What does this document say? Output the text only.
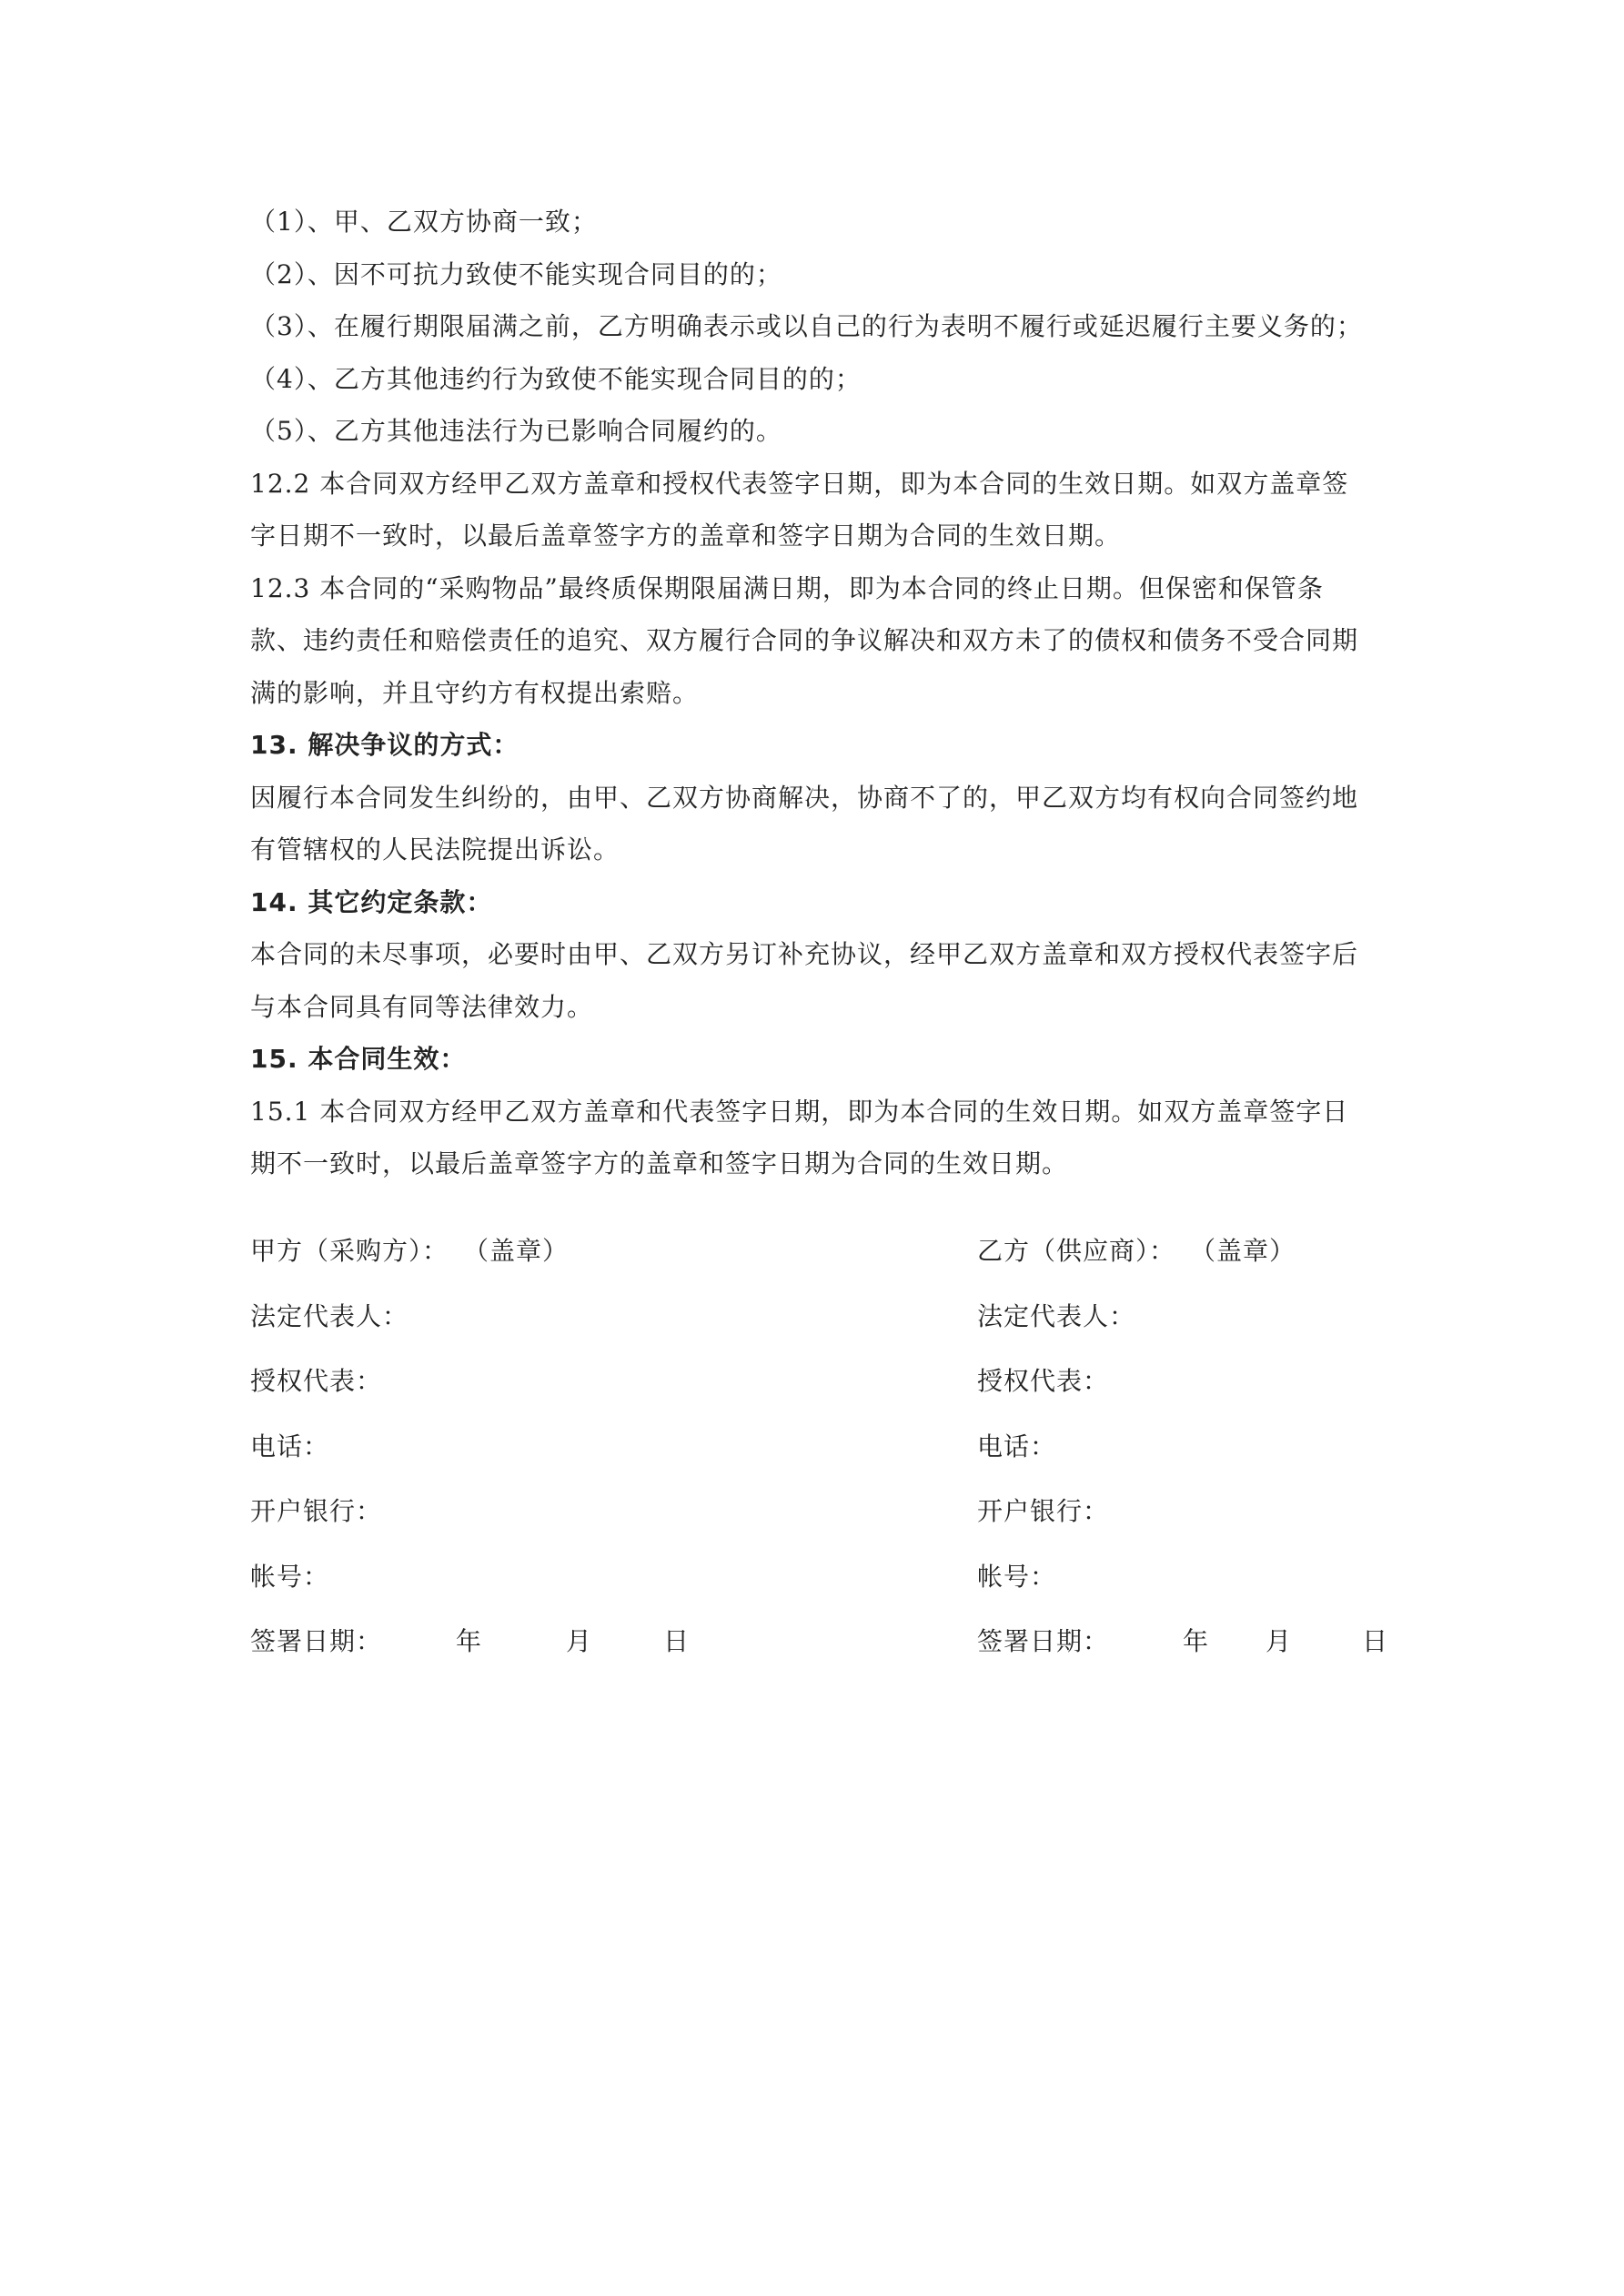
（1）、甲、乙双方协商一致；
（2）、因不可抗力致使不能实现合同目的的；
（3）、在履行期限届满之前，乙方明确表示或以自己的行为表明不履行或延迟履行主要义务的；
（4）、乙方其他违约行为致使不能实现合同目的的；
（5）、乙方其他违法行为已影响合同履约的。
12.2 本合同双方经甲乙双方盖章和授权代表签字日期，即为本合同的生效日期。如双方盖章签
字日期不一致时，以最后盖章签字方的盖章和签字日期为合同的生效日期。
12.3 本合同的“采购物品”最终质保期限届满日期，即为本合同的终止日期。但保密和保管条
款、违约责任和赔偿责任的追究、双方履行合同的争议解决和双方未了的债权和债务不受合同期
满的影响，并且守约方有权提出索赔。
13. 解决争议的方式：
因履行本合同发生纠纷的，由甲、乙双方协商解决，协商不了的，甲乙双方均有权向合同签约地
有管辖权的人民法院提出诉讼。
14. 其它约定条款：
本合同的未尽事项，必要时由甲、乙双方另订补充协议，经甲乙双方盖章和双方授权代表签字后
与本合同具有同等法律效力。
15. 本合同生效：
15.1 本合同双方经甲乙双方盖章和代表签字日期，即为本合同的生效日期。如双方盖章签字日
期不一致时，以最后盖章签字方的盖章和签字日期为合同的生效日期。
甲方（采购方）： （盖章）	乙方（供应商）： （盖章）
法定代表人：	法定代表人：
授权代表：	授权代表：
电话：	电话：
开户银行：	开户银行：
帐号：	帐号：
签署日期：	年	月	日	签署日期：	年 月	日
